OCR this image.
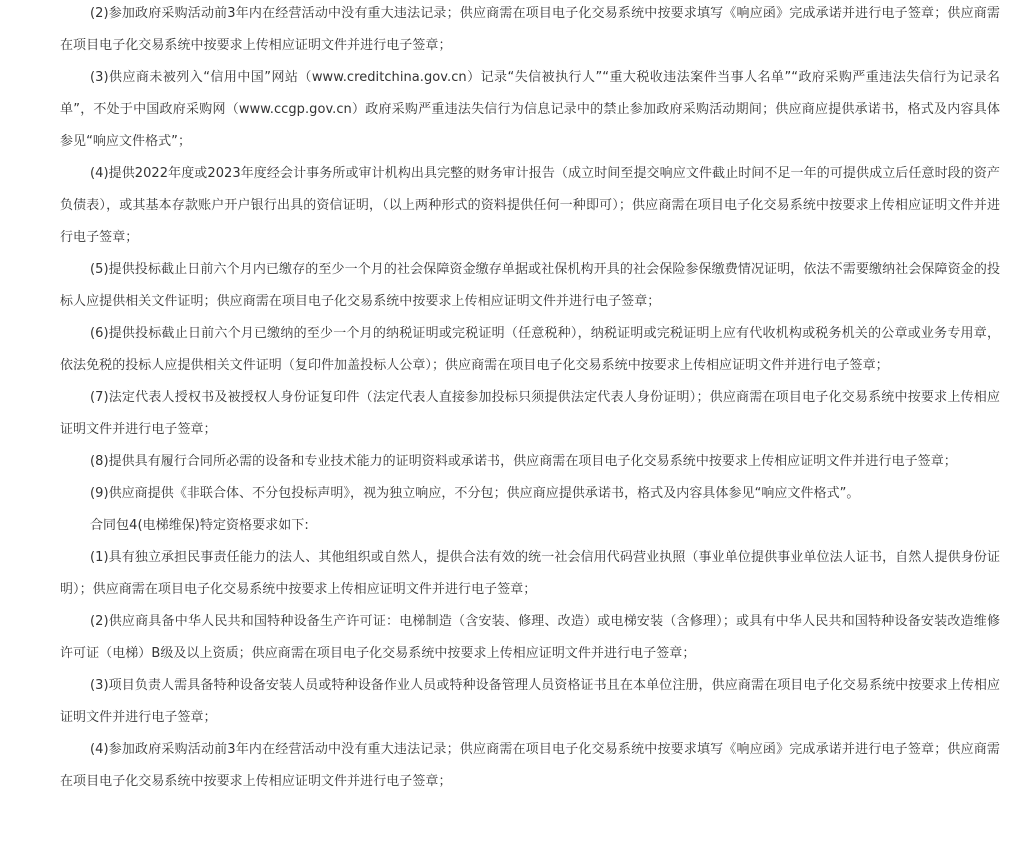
(2)参加政府采购活动前3年内在经营活动中没有重大违法记录；供应商需在项目电子化交易系统中按要求填写《响应函》完成承诺并进行电子签章；供应商需在项目电子化交易系统中按要求上传相应证明文件并进行电子签章；

(3)供应商未被列入“信用中国”网站（www.creditchina.gov.cn）记录“失信被执行人”“重大税收违法案件当事人名单”“政府采购严重违法失信行为记录名单”，不处于中国政府采购网（www.ccgp.gov.cn）政府采购严重违法失信行为信息记录中的禁止参加政府采购活动期间；供应商应提供承诺书，格式及内容具体参见“响应文件格式”；

(4)提供2022年度或2023年度经会计事务所或审计机构出具完整的财务审计报告（成立时间至提交响应文件截止时间不足一年的可提供成立后任意时段的资产负债表），或其基本存款账户开户银行出具的资信证明，（以上两种形式的资料提供任何一种即可）；供应商需在项目电子化交易系统中按要求上传相应证明文件并进行电子签章；

(5)提供投标截止日前六个月内已缴存的至少一个月的社会保障资金缴存单据或社保机构开具的社会保险参保缴费情况证明，依法不需要缴纳社会保障资金的投标人应提供相关文件证明；供应商需在项目电子化交易系统中按要求上传相应证明文件并进行电子签章；

(6)提供投标截止日前六个月已缴纳的至少一个月的纳税证明或完税证明（任意税种），纳税证明或完税证明上应有代收机构或税务机关的公章或业务专用章，依法免税的投标人应提供相关文件证明（复印件加盖投标人公章）；供应商需在项目电子化交易系统中按要求上传相应证明文件并进行电子签章；

(7)法定代表人授权书及被授权人身份证复印件（法定代表人直接参加投标只须提供法定代表人身份证明）；供应商需在项目电子化交易系统中按要求上传相应证明文件并进行电子签章；

(8)提供具有履行合同所必需的设备和专业技术能力的证明资料或承诺书，供应商需在项目电子化交易系统中按要求上传相应证明文件并进行电子签章；

(9)供应商提供《非联合体、不分包投标声明》，视为独立响应，不分包；供应商应提供承诺书，格式及内容具体参见“响应文件格式”。

合同包4(电梯维保)特定资格要求如下:

(1)具有独立承担民事责任能力的法人、其他组织或自然人，提供合法有效的统一社会信用代码营业执照（事业单位提供事业单位法人证书，自然人提供身份证明）；供应商需在项目电子化交易系统中按要求上传相应证明文件并进行电子签章；

(2)供应商具备中华人民共和国特种设备生产许可证：电梯制造（含安装、修理、改造）或电梯安装（含修理）；或具有中华人民共和国特种设备安装改造维修许可证（电梯）B级及以上资质；供应商需在项目电子化交易系统中按要求上传相应证明文件并进行电子签章；

(3)项目负责人需具备特种设备安装人员或特种设备作业人员或特种设备管理人员资格证书且在本单位注册，供应商需在项目电子化交易系统中按要求上传相应证明文件并进行电子签章；

(4)参加政府采购活动前3年内在经营活动中没有重大违法记录；供应商需在项目电子化交易系统中按要求填写《响应函》完成承诺并进行电子签章；供应商需在项目电子化交易系统中按要求上传相应证明文件并进行电子签章；
